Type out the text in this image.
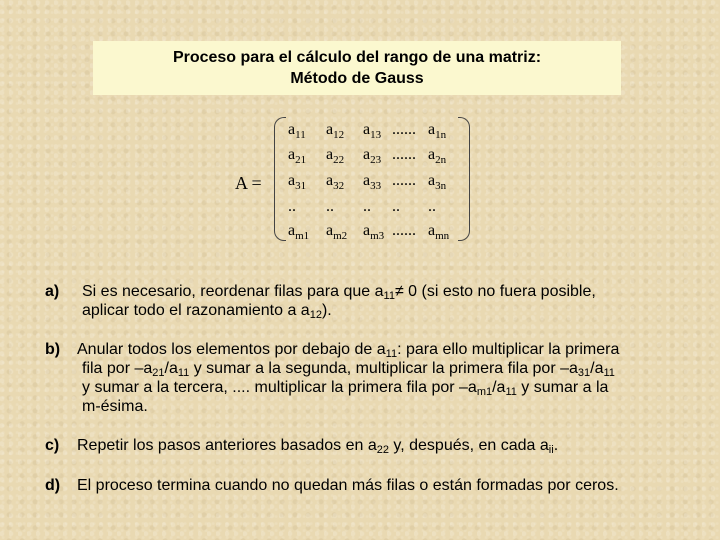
Proceso para el cálculo del rango de una matriz:
Método de Gauss
A =
$a_{11}$ $a_{12}$ $a_{13}$ ...... $a_{1n}$
$a_{21}$ $a_{22}$ $a_{23}$ ...... $a_{2n}$
$a_{31}$ $a_{32}$ $a_{33}$ ...... $a_{3n}$
.. .. .. .. ..
$a_{m1}$ $a_{m2}$ $a_{m3}$ ...... $a_{mn}$
a) Si es necesario, reordenar filas para que $a_{11}\ne 0$ (si esto no fuera posible,
aplicar todo el razonamiento a $a_{12}$).
b) Anular todos los elementos por debajo de $a_{11}$: para ello multiplicar la primera
fila por $-a_{21}/a_{11}$ y sumar a la segunda, multiplicar la primera fila por $-a_{31}/a_{11}$
y sumar a la tercera, .... multiplicar la primera fila por $-a_{m1}/a_{11}$ y sumar a la
m-ésima.
c) Repetir los pasos anteriores basados en $a_{22}$ y, después, en cada $a_{ii}$.
d) El proceso termina cuando no quedan más filas o están formadas por ceros.
